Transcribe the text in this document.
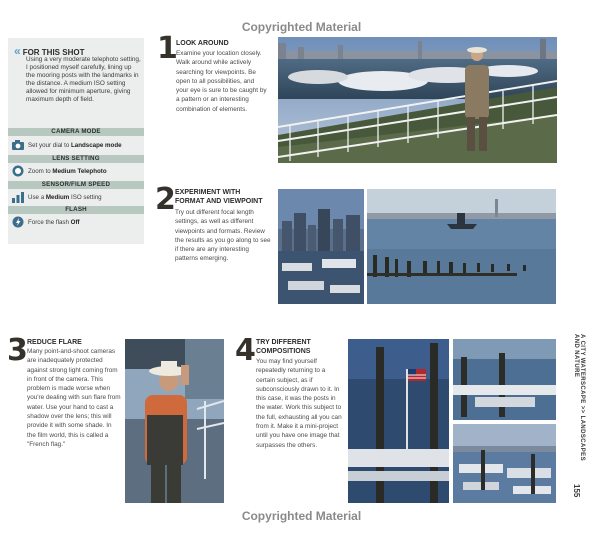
Copyrighted Material
Copyrighted Material
« FOR THIS SHOT
Using a very moderate telephoto setting, I positioned myself carefully, lining up the mooring posts with the landmarks in the distance. A medium ISO setting allowed for minimum aperture, giving maximum depth of field.
CAMERA MODE
Set your dial to Landscape mode
LENS SETTING
Zoom to Medium Telephoto
SENSOR/FILM SPEED
Use a Medium ISO setting
FLASH
Force the flash Off
1
LOOK AROUND
Examine your location closely. Walk around while actively searching for viewpoints. Be open to all possibilities, and your eye is sure to be caught by a pattern or an interesting combination of elements.
2 EXPERIMENT WITH FORMAT AND VIEWPOINT
Try out different focal length settings, as well as different viewpoints and formats. Review the results as you go along to see if there are any interesting patterns emerging.
3 REDUCE FLARE
Many point-and-shoot cameras are inadequately protected against strong light coming from in front of the camera. This problem is made worse when you're dealing with sun flare from water. Use your hand to cast a shadow over the lens; this will provide it with some shade. In the film world, this is called a "French flag."
4 TRY DIFFERENT COMPOSITIONS
You may find yourself repeatedly returning to a certain subject, as if subconsciously drawn to it. In this case, it was the posts in the water. Work this subject to the full, exhausting all you can from it. Make it a mini-project until you have one image that surpasses the others.	A CITY WATERSCAPE >> LANDSCAPES AND NATURE
155
